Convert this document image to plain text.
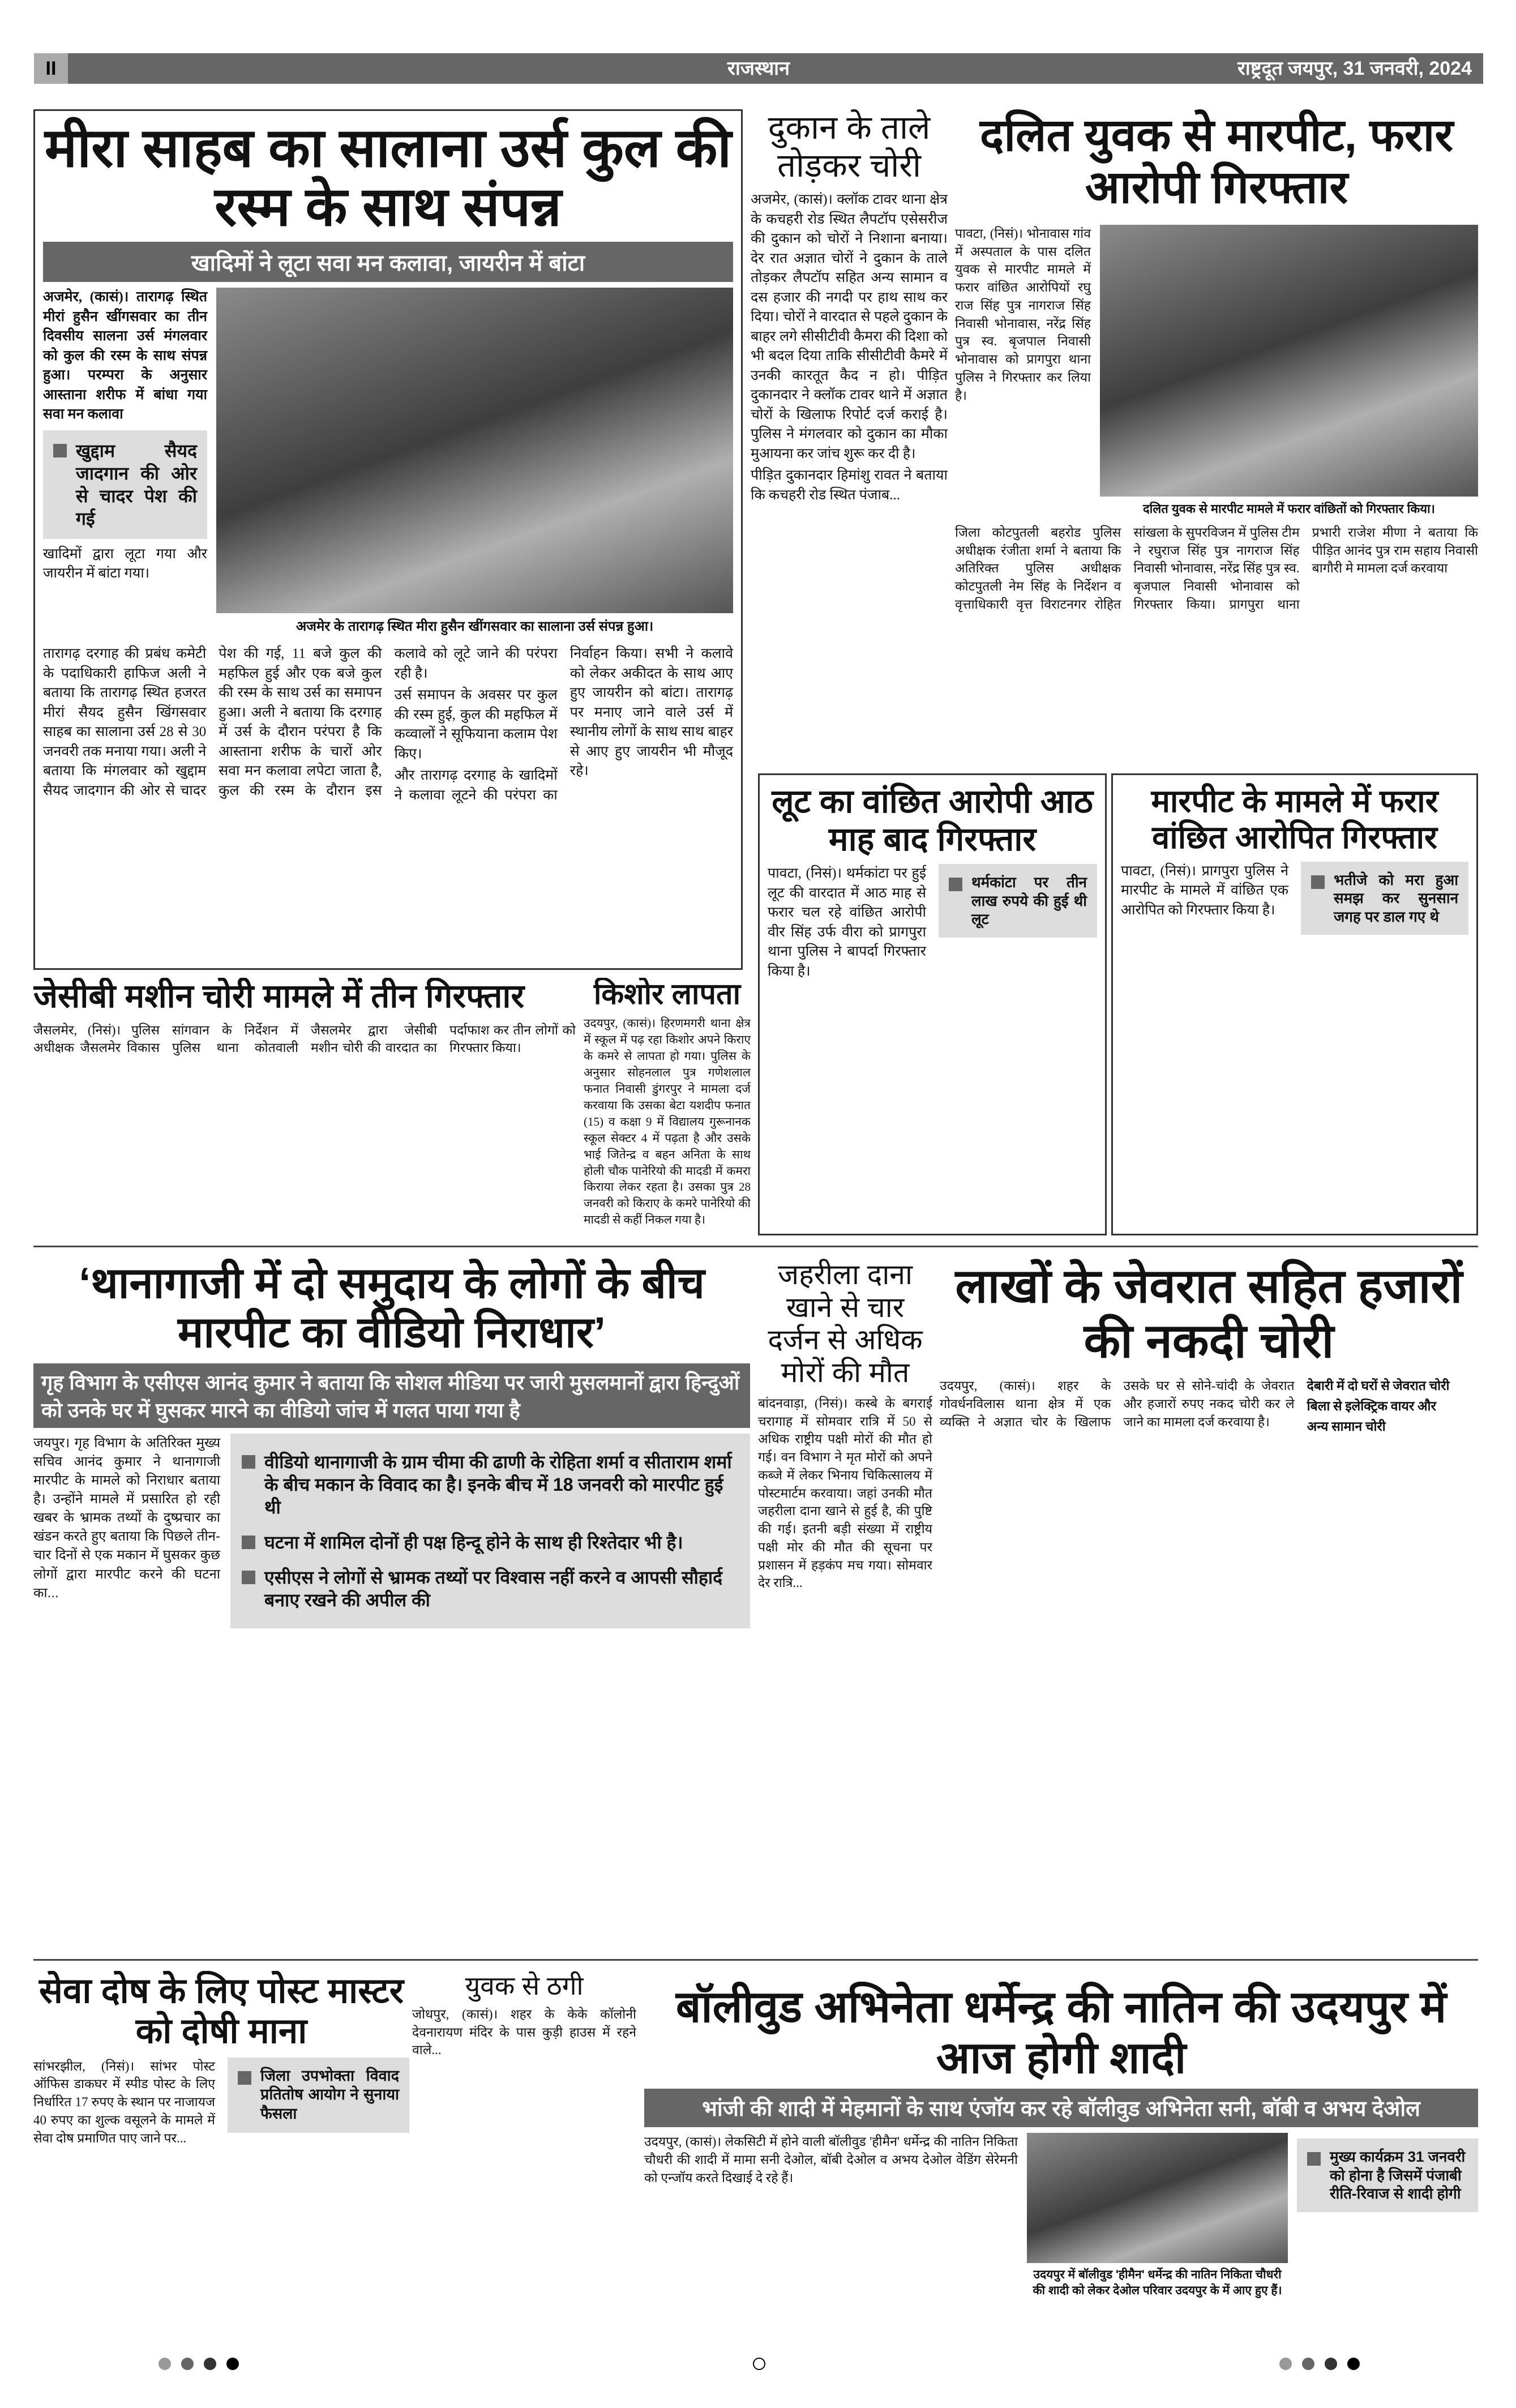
II	राजस्थान	राष्ट्रदूत जयपुर, 31 जनवरी, 2024
मीरा साहब का सालाना उर्स कुल की रस्म के साथ संपन्न
खादिमों ने लूटा सवा मन कलावा, जायरीन में बांटा

अजमेर, (कासं)। तारागढ़ स्थित मीरां हुसैन खींगसवार का तीन दिवसीय सालना उर्स मंगलवार को कुल की रस्म के साथ संपन्न हुआ। परम्परा के अनुसार आस्ताना शरीफ में बांधा गया सवा मन कलावा

खुद्दाम सैयद जादगान की ओर से चादर पेश की गई

खादिमों द्वारा लूटा गया और जायरीन में बांटा गया।

अजमेर के तारागढ़ स्थित मीरा हुसैन खींगसवार का सालाना उर्स संपन्न हुआ।

तारागढ़ दरगाह की प्रबंध कमेटी के पदाधिकारी हाफिज अली ने बताया कि तारागढ़ स्थित हजरत मीरां सैयद हुसैन खिंगसवार साहब का सालाना उर्स 28 से 30 जनवरी तक मनाया गया। अली ने बताया कि मंगलवार को खुद्दाम सैयद जादगान की ओर से चादर पेश की गई, 11 बजे कुल की महफिल हुई और एक बजे कुल की रस्म के साथ उर्स का समापन हुआ। अली ने बताया कि दरगाह में उर्स के दौरान परंपरा है कि आस्ताना शरीफ के चारों ओर सवा मन कलावा लपेटा जाता है, कुल की रस्म के दौरान इस कलावे को लूटे जाने की परंपरा रही है।

उर्स समापन के अवसर पर कुल की रस्म हुई, कुल की महफिल में कव्वालों ने सूफियाना कलाम पेश किए।

और तारागढ़ दरगाह के खादिमों ने कलावा लूटने की परंपरा का निर्वाहन किया। सभी ने कलावे को लेकर अकीदत के साथ आए हुए जायरीन को बांटा। तारागढ़ पर मनाए जाने वाले उर्स में स्थानीय लोगों के साथ साथ बाहर से आए हुए जायरीन भी मौजूद रहे।

दुकान के ताले तोड़कर चोरी

अजमेर, (कासं)। क्लॉक टावर थाना क्षेत्र के कचहरी रोड स्थित लैपटॉप एसेसरीज की दुकान को चोरों ने निशाना बनाया। देर रात अज्ञात चोरों ने दुकान के ताले तोड़कर लैपटॉप सहित अन्य सामान व दस हजार की नगदी पर हाथ साथ कर दिया। चोरों ने वारदात से पहले दुकान के बाहर लगे सीसीटीवी कैमरा की दिशा को भी बदल दिया ताकि सीसीटीवी कैमरे में उनकी कारतूत कैद न हो। पीड़ित दुकानदार ने क्लॉक टावर थाने में अज्ञात चोरों के खिलाफ रिपोर्ट दर्ज कराई है। पुलिस ने मंगलवार को दुकान का मौका मुआयना कर जांच शुरू कर दी है।

पीड़ित दुकानदार हिमांशु रावत ने बताया कि कचहरी रोड स्थित पंजाब...

दलित युवक से मारपीट, फरार आरोपी गिरफ्तार

पावटा, (निसं)। भोनावास गांव में अस्पताल के पास दलित युवक से मारपीट मामले में फरार वांछित आरोपियों रघु राज सिंह पुत्र नागराज सिंह निवासी भोनावास, नरेंद्र सिंह पुत्र स्व. बृजपाल निवासी भोनावास को प्रागपुरा थाना पुलिस ने गिरफ्तार कर लिया है।

दलित युवक से मारपीट मामले में फरार वांछितों को गिरफ्तार किया।

जिला कोटपुतली बहरोड पुलिस अधीक्षक रंजीता शर्मा ने बताया कि अतिरिक्त पुलिस अधीक्षक कोटपुतली नेम सिंह के निर्देशन व वृत्ताधिकारी वृत्त विराटनगर रोहित सांखला के सुपरविजन में पुलिस टीम ने रघुराज सिंह पुत्र नागराज सिंह निवासी भोनावास, नरेंद्र सिंह पुत्र स्व. बृजपाल निवासी भोनावास को गिरफ्तार किया। प्रागपुरा थाना प्रभारी राजेश मीणा ने बताया कि पीड़ित आनंद पुत्र राम सहाय निवासी बागौरी मे मामला दर्ज करवाया

लूट का वांछित आरोपी आठ माह बाद गिरफ्तार

पावटा, (निसं)। थर्मकांटा पर हुई लूट की वारदात में आठ माह से फरार चल रहे वांछित आरोपी वीर सिंह उर्फ वीरा को प्रागपुरा थाना पुलिस ने बापर्दा गिरफ्तार किया है।

थर्मकांटा पर तीन लाख रुपये की हुई थी लूट
मारपीट के मामले में फरार वांछित आरोपित गिरफ्तार

पावटा, (निसं)। प्रागपुरा पुलिस ने मारपीट के मामले में वांछित एक आरोपित को गिरफ्तार किया है।

भतीजे को मरा हुआ समझ कर सुनसान जगह पर डाल गए थे
जेसीबी मशीन चोरी मामले में तीन गिरफ्तार

जैसलमेर, (निसं)। पुलिस अधीक्षक जैसलमेर विकास सांगवान के निर्देशन में पुलिस थाना कोतवाली जैसलमेर द्वारा जेसीबी मशीन चोरी की वारदात का पर्दाफाश कर तीन लोगों को गिरफ्तार किया।

किशोर लापता

उदयपुर, (कासं)। हिरणमगरी थाना क्षेत्र में स्कूल में पढ़ रहा किशोर अपने किराए के कमरे से लापता हो गया। पुलिस के अनुसार सोहनलाल पुत्र गणेशलाल फनात निवासी डुंगरपुर ने मामला दर्ज करवाया कि उसका बेटा यशदीप फनात (15) व कक्षा 9 में विद्यालय गुरूनानक स्कूल सेक्टर 4 में पढ़ता है और उसके भाई जितेन्द्र व बहन अनिता के साथ होली चौक पानेरियो की मादडी में कमरा किराया लेकर रहता है। उसका पुत्र 28 जनवरी को किराए के कमरे पानेरियो की मादडी से कहीं निकल गया है।

‘थानागाजी में दो समुदाय के लोगों के बीच मारपीट का वीडियो निराधार’
गृह विभाग के एसीएस आनंद कुमार ने बताया कि सोशल मीडिया पर जारी मुसलमानों द्वारा हिन्दुओं को उनके घर में घुसकर मारने का वीडियो जांच में गलत पाया गया है

जयपुर। गृह विभाग के अतिरिक्त मुख्य सचिव आनंद कुमार ने थानागाजी मारपीट के मामले को निराधार बताया है। उन्होंने मामले में प्रसारित हो रही खबर के भ्रामक तथ्यों के दुष्प्रचार का खंडन करते हुए बताया कि पिछले तीन-चार दिनों से एक मकान में घुसकर कुछ लोगों द्वारा मारपीट करने की घटना का...

वीडियो थानागाजी के ग्राम चीमा की ढाणी के रोहिता शर्मा व सीताराम शर्मा के बीच मकान के विवाद का है। इनके बीच में 18 जनवरी को मारपीट हुई थी
घटना में शामिल दोनों ही पक्ष हिन्दू होने के साथ ही रिश्तेदार भी है।
एसीएस ने लोगों से भ्रामक तथ्यों पर विश्वास नहीं करने व आपसी सौहार्द बनाए रखने की अपील की
जहरीला दाना खाने से चार दर्जन से अधिक मोरों की मौत

बांदनवाड़ा, (निसं)। कस्बे के बगराई चरागाह में सोमवार रात्रि में 50 से अधिक राष्ट्रीय पक्षी मोरों की मौत हो गई। वन विभाग ने मृत मोरों को अपने कब्जे में लेकर भिनाय चिकित्सालय में पोस्टमार्टम करवाया। जहां उनकी मौत जहरीला दाना खाने से हुई है, की पुष्टि की गई। इतनी बड़ी संख्या में राष्ट्रीय पक्षी मोर की मौत की सूचना पर प्रशासन में हड़कंप मच गया। सोमवार देर रात्रि...

लाखों के जेवरात सहित हजारों की नकदी चोरी

उदयपुर, (कासं)। शहर के गोवर्धनविलास थाना क्षेत्र में एक व्यक्ति ने अज्ञात चोर के खिलाफ उसके घर से सोने-चांदी के जेवरात और हजारों रुपए नकद चोरी कर ले जाने का मामला दर्ज करवाया है।

देबारी में दो घरों से जेवरात चोरी

बिला से इलेक्ट्रिक वायर और

अन्य सामान चोरी

सेवा दोष के लिए पोस्ट मास्टर को दोषी माना

सांभरझील, (निसं)। सांभर पोस्ट ऑफिस डाकघर में स्पीड पोस्ट के लिए निर्धारित 17 रुपए के स्थान पर नाजायज 40 रुपए का शुल्क वसूलने के मामले में सेवा दोष प्रमाणित पाए जाने पर...

जिला उपभोक्ता विवाद प्रतितोष आयोग ने सुनाया फैसला
युवक से ठगी

जोधपुर, (कासं)। शहर के केके कॉलोनी देवनारायण मंदिर के पास कुड़ी हाउस में रहने वाले...

बॉलीवुड अभिनेता धर्मेन्द्र की नातिन की उदयपुर में आज होगी शादी
भांजी की शादी में मेहमानों के साथ एंजॉय कर रहे बॉलीवुड अभिनेता सनी, बॉबी व अभय देओल

उदयपुर, (कासं)। लेकसिटी में होने वाली बॉलीवुड 'हीमैन' धर्मेन्द्र की नातिन निकिता चौधरी की शादी में मामा सनी देओल, बॉबी देओल व अभय देओल वेडिंग सेरेमनी को एन्जॉय करते दिखाई दे रहे हैं।

उदयपुर में बॉलीवुड 'हीमैन' धर्मेन्द्र की नातिन निकिता चौधरी की शादी को लेकर देओल परिवार उदयपुर के में आए हुए हैं।
मुख्य कार्यक्रम 31 जनवरी को होना है जिसमें पंजाबी रीति-रिवाज से शादी होगी
